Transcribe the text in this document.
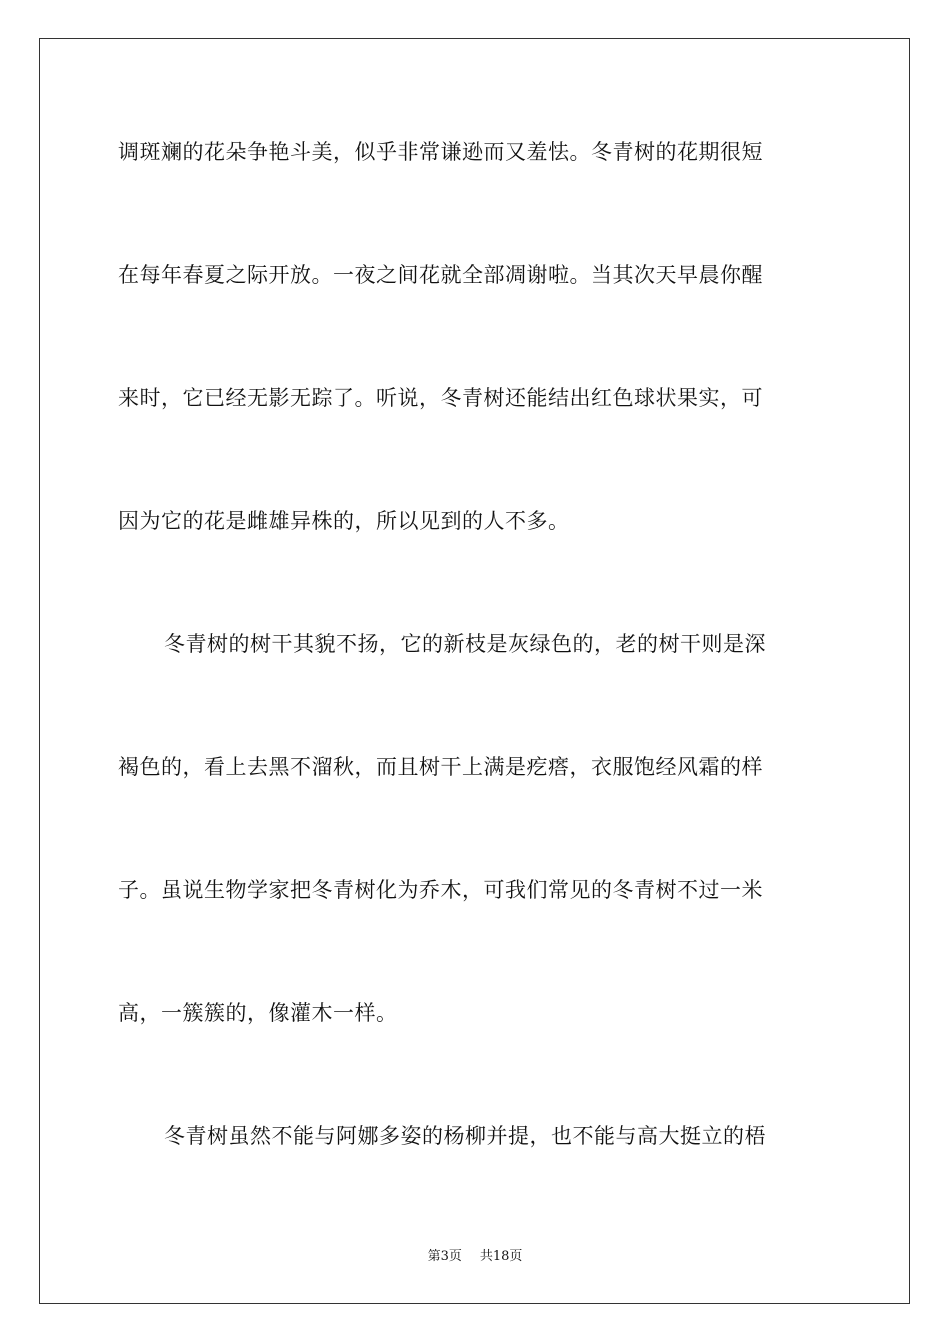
调斑斓的花朵争艳斗美，似乎非常谦逊而又羞怯。冬青树的花期很短
在每年春夏之际开放。一夜之间花就全部凋谢啦。当其次天早晨你醒
来时，它已经无影无踪了。听说，冬青树还能结出红色球状果实，可
因为它的花是雌雄异株的，所以见到的人不多。
冬青树的树干其貌不扬，它的新枝是灰绿色的，老的树干则是深
褐色的，看上去黑不溜秋，而且树干上满是疙瘩，衣服饱经风霜的样
子。虽说生物学家把冬青树化为乔木，可我们常见的冬青树不过一米
高，一簇簇的，像灌木一样。
冬青树虽然不能与阿娜多姿的杨柳并提，也不能与高大挺立的梧
第3页 共18页
